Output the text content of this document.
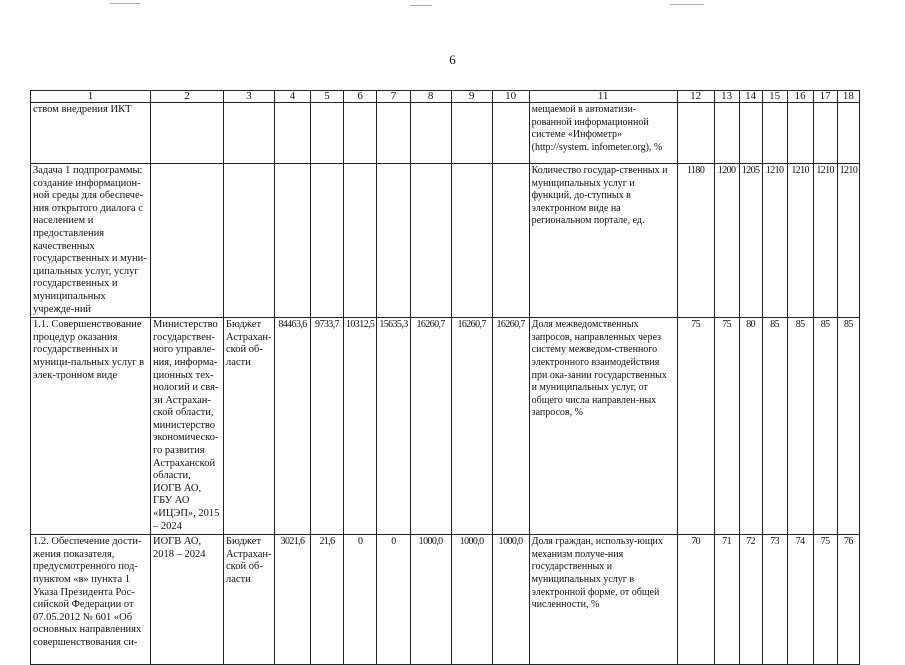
6
1	2	3	4	5	6	7	8	9	10	11	12	13	14	15	16	17	18
ством внедрения ИКТ										мещаемой в автоматизи-рованной информационной системе «Инфометр» (http://system. infometer.org), %							
Задача 1 подпрограммы: создание информацион-ной среды для обеспече-ния открытого диалога с населением и предоставления качественных государственных и муни-ципальных услуг, услуг государственных и муниципальных учрежде-ний										Количество государ-ственных и муниципальных услуг и функций, до-ступных в электронном виде на региональном портале, ед.	1180	1200	1205	1210	1210	1210	1210
1.1. Совершенствование процедур оказания государственных и муници-пальных услуг в элек-тронном виде	Министерство государствен-ного управле-ния, информа-ционных тех-нологий и свя-зи Астрахан-ской области, министерство экономическо-го развития Астраханской области, ИОГВ АО, ГБУ АО «ИЦЭП», 2015 – 2024	Бюджет Астрахан-ской об-ласти	84463,6	9733,7	10312,5	15635,3	16260,7	16260,7	16260,7	Доля межведомственных запросов, направленных через систему межведом-ственного электронного взаимодействия при ока-зании государственных и муниципальных услуг, от общего числа направлен-ных запросов, %	75	75	80	85	85	85	85
1.2. Обеспечение дости-жения показателя, предусмотренного под-пунктом «в» пункта 1 Указа Президента Рос-сийской Федерации от 07.05.2012 № 601 «Об основных направлениях совершенствования си-	ИОГВ АО, 2018 – 2024	Бюджет Астрахан-ской об-ласти	3021,6	21,6	0	0	1000,0	1000,0	1000,0	Доля граждан, использу-ющих механизм получе-ния государственных и муниципальных услуг в электронной форме, от общей численности, %	70	71	72	73	74	75	76
